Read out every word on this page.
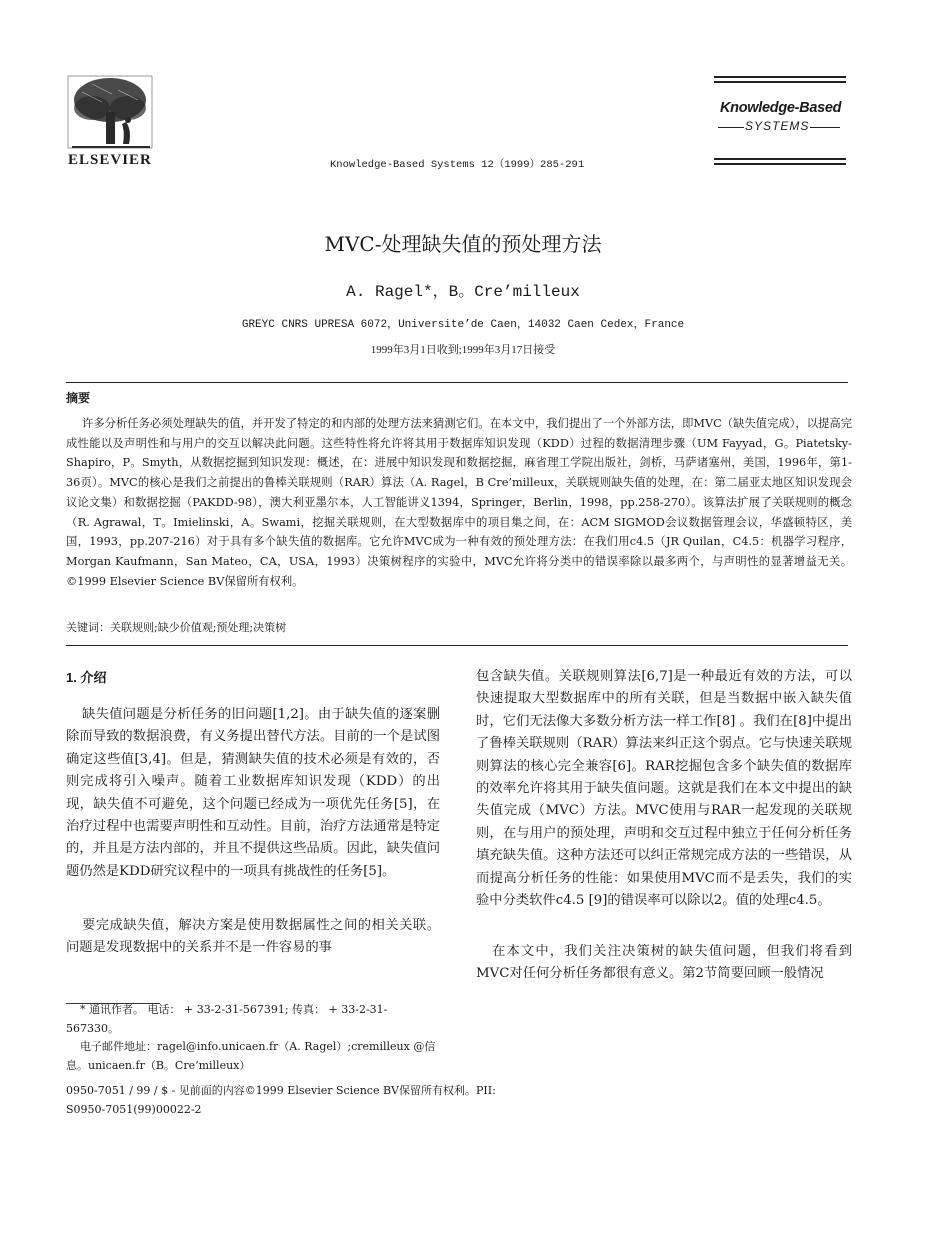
ELSEVIER	Knowledge-Based Systems 12（1999）285-291
Knowledge-Based
SYSTEMS
MVC-处理缺失值的预处理方法
A. Ragel*，B。Cre’milleux
GREYC CNRS UPRESA 6072，Universite’de Caen，14032 Caen Cedex，France
1999年3月1日收到;1999年3月17日接受
摘要
许多分析任务必须处理缺失的值，并开发了特定的和内部的处理方法来猜测它们。在本文中，我们提出了一个外部方法，即MVC（缺失值完成），以提高完成性能以及声明性和与用户的交互以解决此问题。这些特性将允许将其用于数据库知识发现（KDD）过程的数据清理步骤（UM Fayyad，G。Piatetsky-Shapiro，P。Smyth，从数据挖掘到知识发现：概述，在：进展中知识发现和数据挖掘，麻省理工学院出版社，剑桥，马萨诸塞州，美国，1996年，第1-36页）。MVC的核心是我们之前提出的鲁棒关联规则（RAR）算法（A. Ragel，B Cre’milleux，关联规则缺失值的处理，在：第二届亚太地区知识发现会议论文集）和数据挖掘（PAKDD-98），澳大利亚墨尔本，人工智能讲义1394，Springer，Berlin，1998，pp.258-270）。该算法扩展了关联规则的概念（R. Agrawal，T。Imielinski，A。Swami，挖掘关联规则，在大型数据库中的项目集之间，在：ACM SIGMOD会议数据管理会议，华盛顿特区，美国，1993，pp.207-216）对于具有多个缺失值的数据库。它允许MVC成为一种有效的预处理方法：在我们用c4.5（JR Quilan，C4.5：机器学习程序，Morgan Kaufmann，San Mateo，CA，USA，1993）决策树程序的实验中，MVC允许将分类中的错误率除以最多两个，与声明性的显著增益无关。©1999 Elsevier Science BV保留所有权利。
关键词：关联规则;缺少价值观;预处理;决策树
1. 介绍
缺失值问题是分析任务的旧问题[1,2]。由于缺失值的逐案删除而导致的数据浪费，有义务提出替代方法。目前的一个是试图确定这些值[3,4]。但是，猜测缺失值的技术必须是有效的，否则完成将引入噪声。随着工业数据库知识发现（KDD）的出现，缺失值不可避免，这个问题已经成为一项优先任务[5]，在治疗过程中也需要声明性和互动性。目前，治疗方法通常是特定的，并且是方法内部的，并且不提供这些品质。因此，缺失值问题仍然是KDD研究议程中的一项具有挑战性的任务[5]。
要完成缺失值，解决方案是使用数据属性之间的相关关联。问题是发现数据中的关系并不是一件容易的事
包含缺失值。关联规则算法[6,7]是一种最近有效的方法，可以快速提取大型数据库中的所有关联，但是当数据中嵌入缺失值时，它们无法像大多数分析方法一样工作[8] 。我们在[8]中提出了鲁棒关联规则（RAR）算法来纠正这个弱点。它与快速关联规则算法的核心完全兼容[6]。RAR挖掘包含多个缺失值的数据库的效率允许将其用于缺失值问题。这就是我们在本文中提出的缺失值完成（MVC）方法。MVC使用与RAR一起发现的关联规则，在与用户的预处理，声明和交互过程中独立于任何分析任务填充缺失值。这种方法还可以纠正常规完成方法的一些错误，从而提高分析任务的性能：如果使用MVC而不是丢失，我们的实验中分类软件c4.5 [9]的错误率可以除以2。值的处理c4.5。
在本文中，我们关注决策树的缺失值问题，但我们将看到MVC对任何分析任务都很有意义。第2节简要回顾一般情况
* 通讯作者。 电话： + 33-2-31-567391; 传真： + 33-2-31-567330。
电子邮件地址：ragel@info.unicaen.fr（A. Ragel）;cremilleux @信息。unicaen.fr（B。Cre’milleux）
0950-7051 / 99 / $ - 见前面的内容©1999 Elsevier Science BV保留所有权利。PII: S0950-7051(99)00022-2
